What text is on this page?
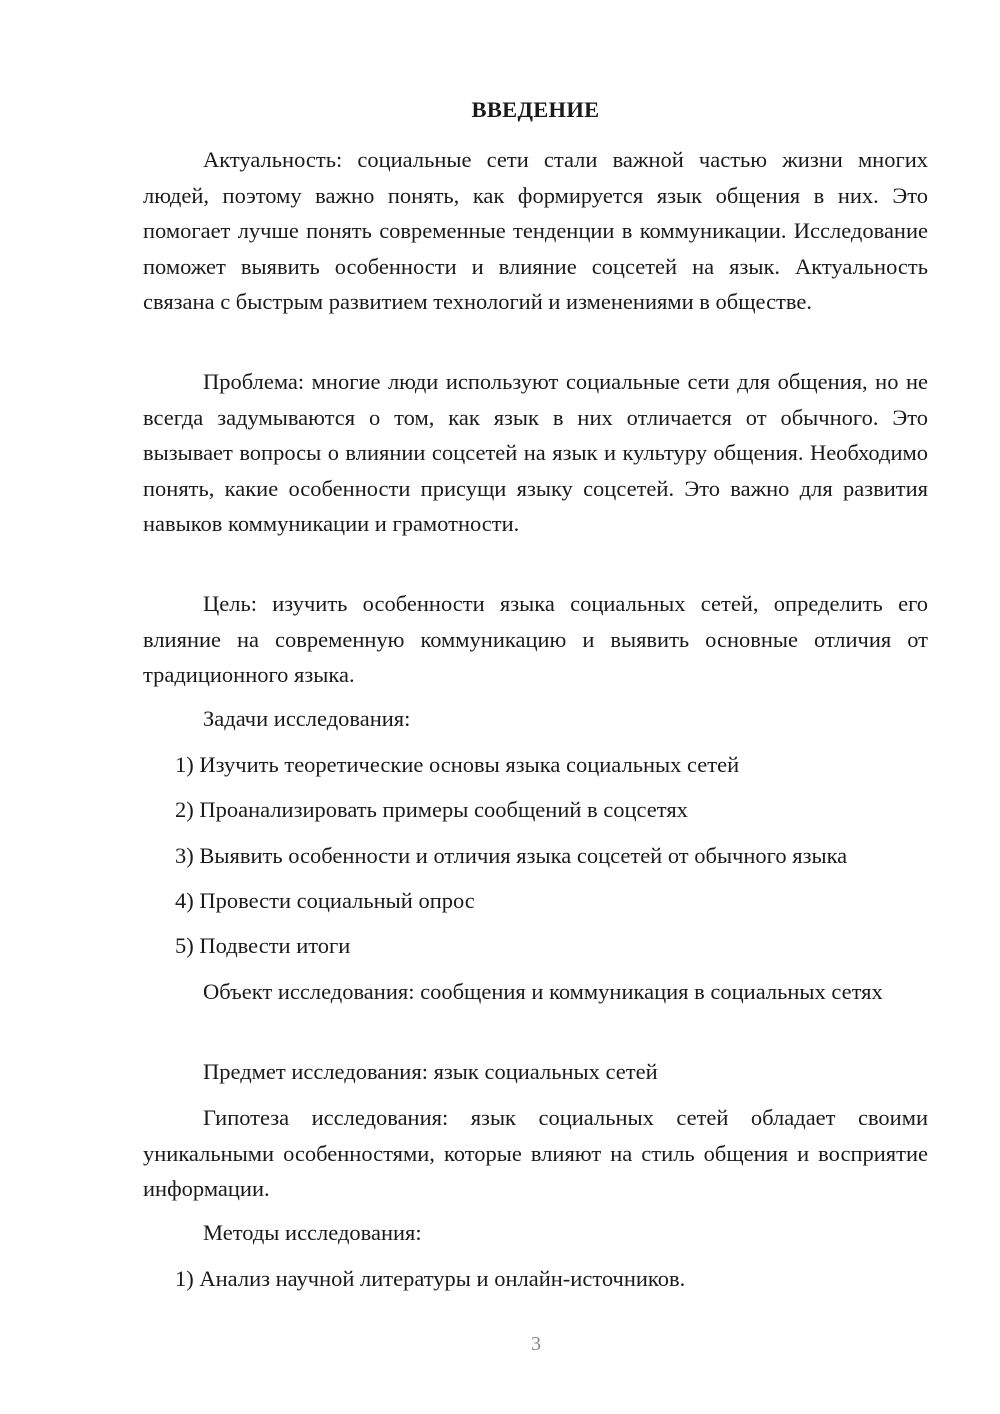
ВВЕДЕНИЕ

Актуальность: социальные сети стали важной частью жизни многих людей, поэтому важно понять, как формируется язык общения в них. Это помогает лучше понять современные тенденции в коммуникации. Исследование поможет выявить особенности и влияние соцсетей на язык. Актуальность связана с быстрым развитием технологий и изменениями в обществе.

Проблема: многие люди используют социальные сети для общения, но не всегда задумываются о том, как язык в них отличается от обычного. Это вызывает вопросы о влиянии соцсетей на язык и культуру общения. Необходимо понять, какие особенности присущи языку соцсетей. Это важно для развития навыков коммуникации и грамотности.

Цель: изучить особенности языка социальных сетей, определить его влияние на современную коммуникацию и выявить основные отличия от традиционного языка.

Задачи исследования:
1) Изучить теоретические основы языка социальных сетей
2) Проанализировать примеры сообщений в соцсетях
3) Выявить особенности и отличия языка соцсетей от обычного языка
4) Провести социальный опрос
5) Подвести итоги

Объект исследования: сообщения и коммуникация в социальных сетях

Предмет исследования: язык социальных сетей

Гипотеза исследования: язык социальных сетей обладает своими уникальными особенностями, которые влияют на стиль общения и восприятие информации.

Методы исследования:
1) Анализ научной литературы и онлайн-источников.
3
